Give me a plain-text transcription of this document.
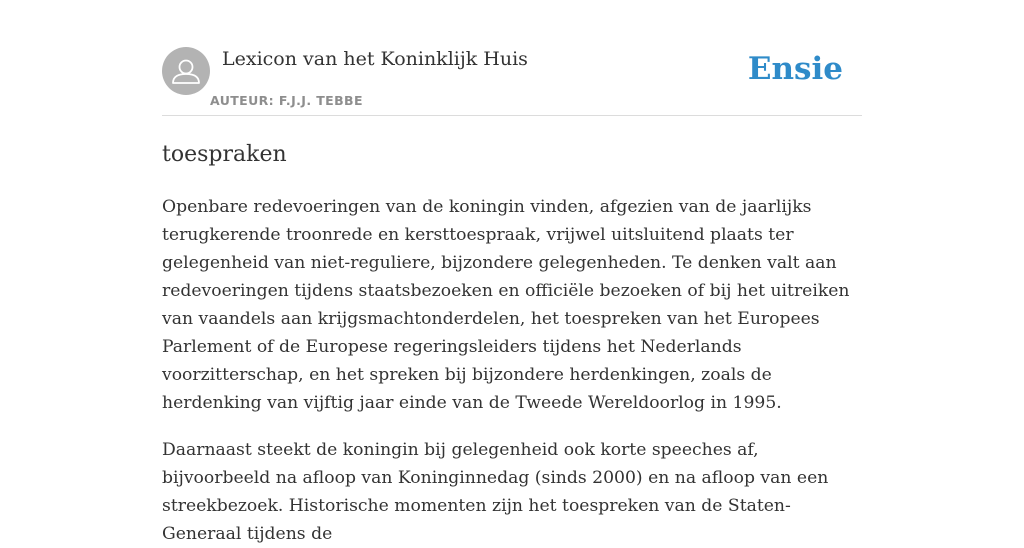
Lexicon van het Koninklijk Huis
AUTEUR: F.J.J. TEBBE
Ensie
toespraken

Openbare redevoeringen van de koningin vinden, afgezien van de jaarlijks terugkerende troonrede en kersttoespraak, vrijwel uitsluitend plaats ter gelegenheid van niet-reguliere, bijzondere gelegenheden. Te denken valt aan redevoeringen tijdens staatsbezoeken en officiële bezoeken of bij het uitreiken van vaandels aan krijgsmachtonderdelen, het toespreken van het Europees Parlement of de Europese regeringsleiders tijdens het Nederlands voorzitterschap, en het spreken bij bijzondere herdenkingen, zoals de herdenking van vijftig jaar einde van de Tweede Wereldoorlog in 1995.

Daarnaast steekt de koningin bij gelegenheid ook korte speeches af, bijvoorbeeld na afloop van Koninginnedag (sinds 2000) en na afloop van een streekbezoek. Historische momenten zijn het toespreken van de Staten-Generaal tijdens de
